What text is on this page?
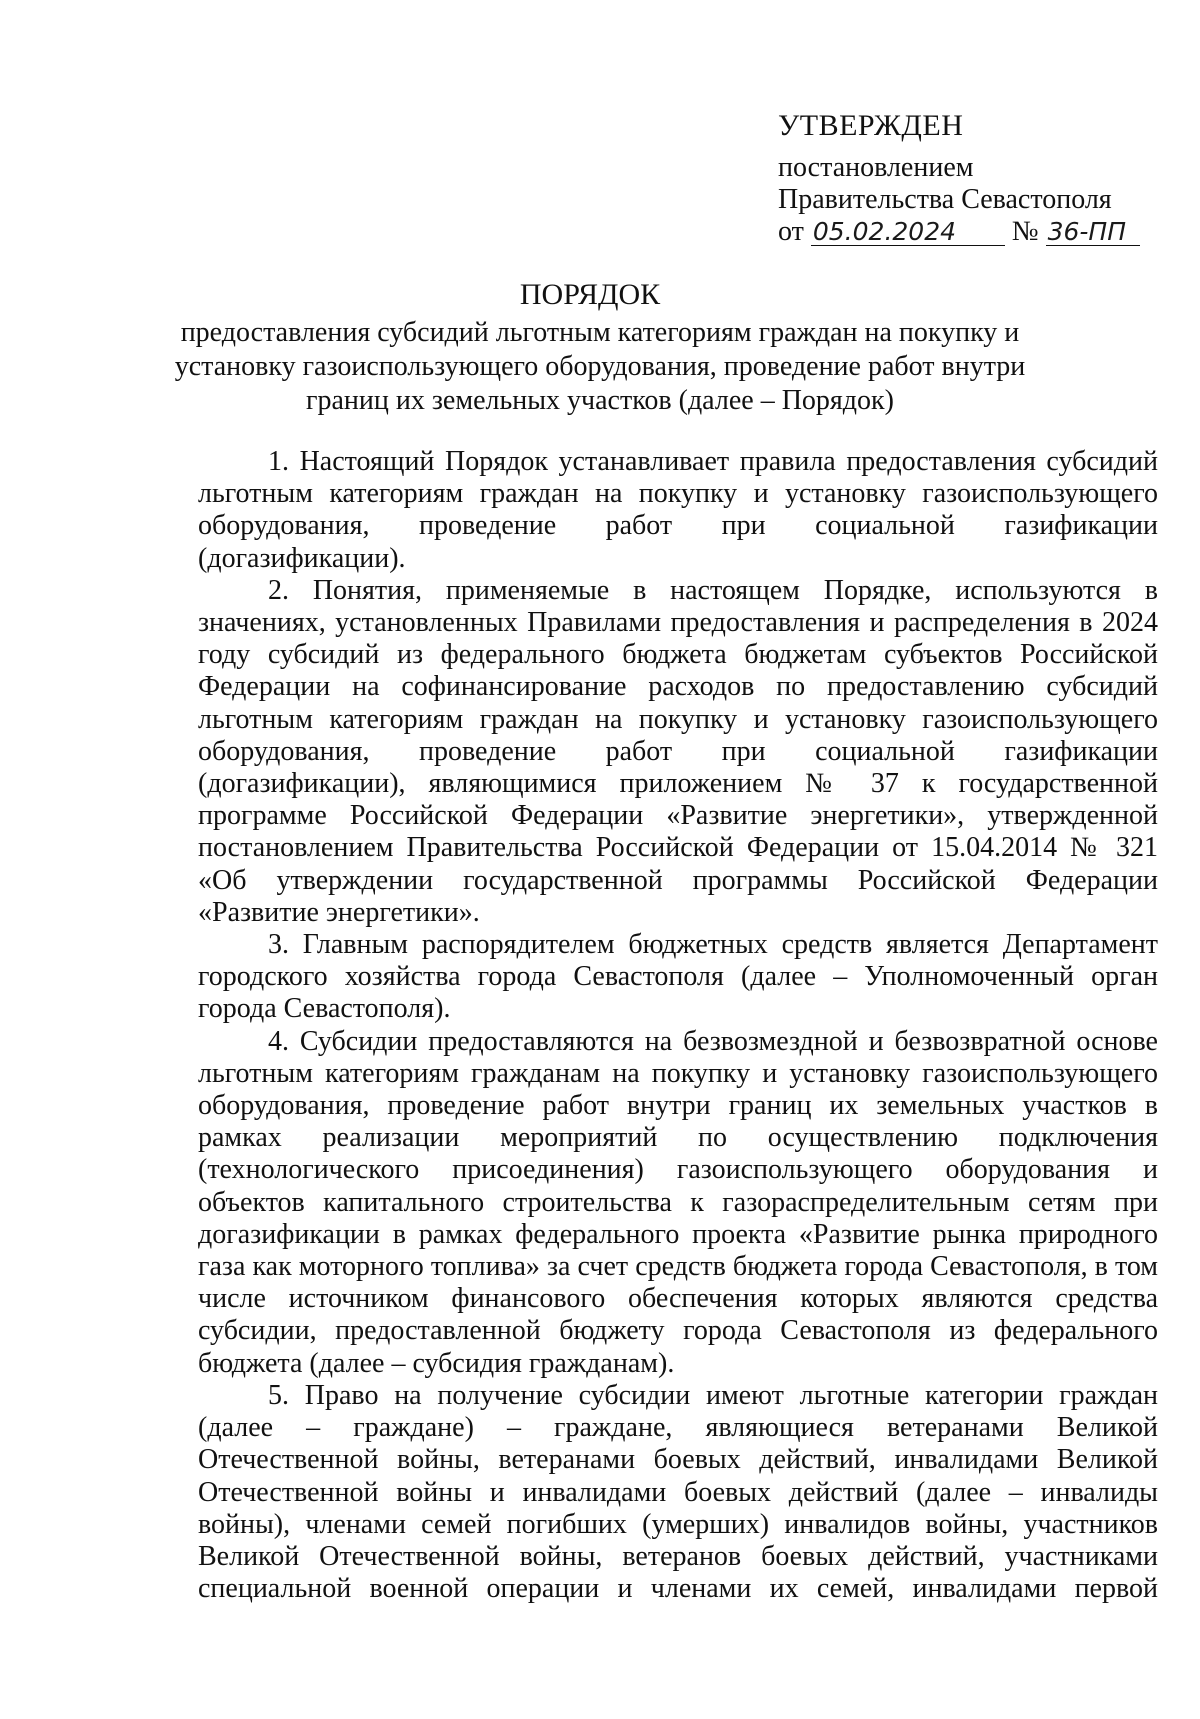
УТВЕРЖДЕН
постановлением
Правительства Севастополя
от 05.02.2024 № 36-ПП
ПОРЯДОК
предоставления субсидий льготным категориям граждан на покупку и установку газоиспользующего оборудования, проведение работ внутри границ их земельных участков (далее – Порядок)

1. Настоящий Порядок устанавливает правила предоставления субсидий льготным категориям граждан на покупку и установку газоиспользующего оборудования, проведение работ при социальной газификации (догазификации).

2. Понятия, применяемые в настоящем Порядке, используются в значениях, установленных Правилами предоставления и распределения в 2024 году субсидий из федерального бюджета бюджетам субъектов Российской Федерации на софинансирование расходов по предоставлению субсидий льготным категориям граждан на покупку и установку газоиспользующего оборудования, проведение работ при социальной газификации (догазификации), являющимися приложением № 37 к государственной программе Российской Федерации «Развитие энергетики», утвержденной постановлением Правительства Российской Федерации от 15.04.2014 № 321 «Об утверждении государственной программы Российской Федерации «Развитие энергетики».

3. Главным распорядителем бюджетных средств является Департамент городского хозяйства города Севастополя (далее – Уполномоченный орган города Севастополя).

4. Субсидии предоставляются на безвозмездной и безвозвратной основе льготным категориям гражданам на покупку и установку газоиспользующего оборудования, проведение работ внутри границ их земельных участков в рамках реализации мероприятий по осуществлению подключения (технологического присоединения) газоиспользующего оборудования и объектов капитального строительства к газораспределительным сетям при догазификации в рамках федерального проекта «Развитие рынка природного газа как моторного топлива» за счет средств бюджета города Севастополя, в том числе источником финансового обеспечения которых являются средства субсидии, предоставленной бюджету города Севастополя из федерального бюджета (далее – субсидия гражданам).

5. Право на получение субсидии имеют льготные категории граждан (далее – граждане) – граждане, являющиеся ветеранами Великой Отечественной войны, ветеранами боевых действий, инвалидами Великой Отечественной войны и инвалидами боевых действий (далее – инвалиды войны), членами семей погибших (умерших) инвалидов войны, участников Великой Отечественной войны, ветеранов боевых действий, участниками специальной военной операции и членами их семей, инвалидами первой
